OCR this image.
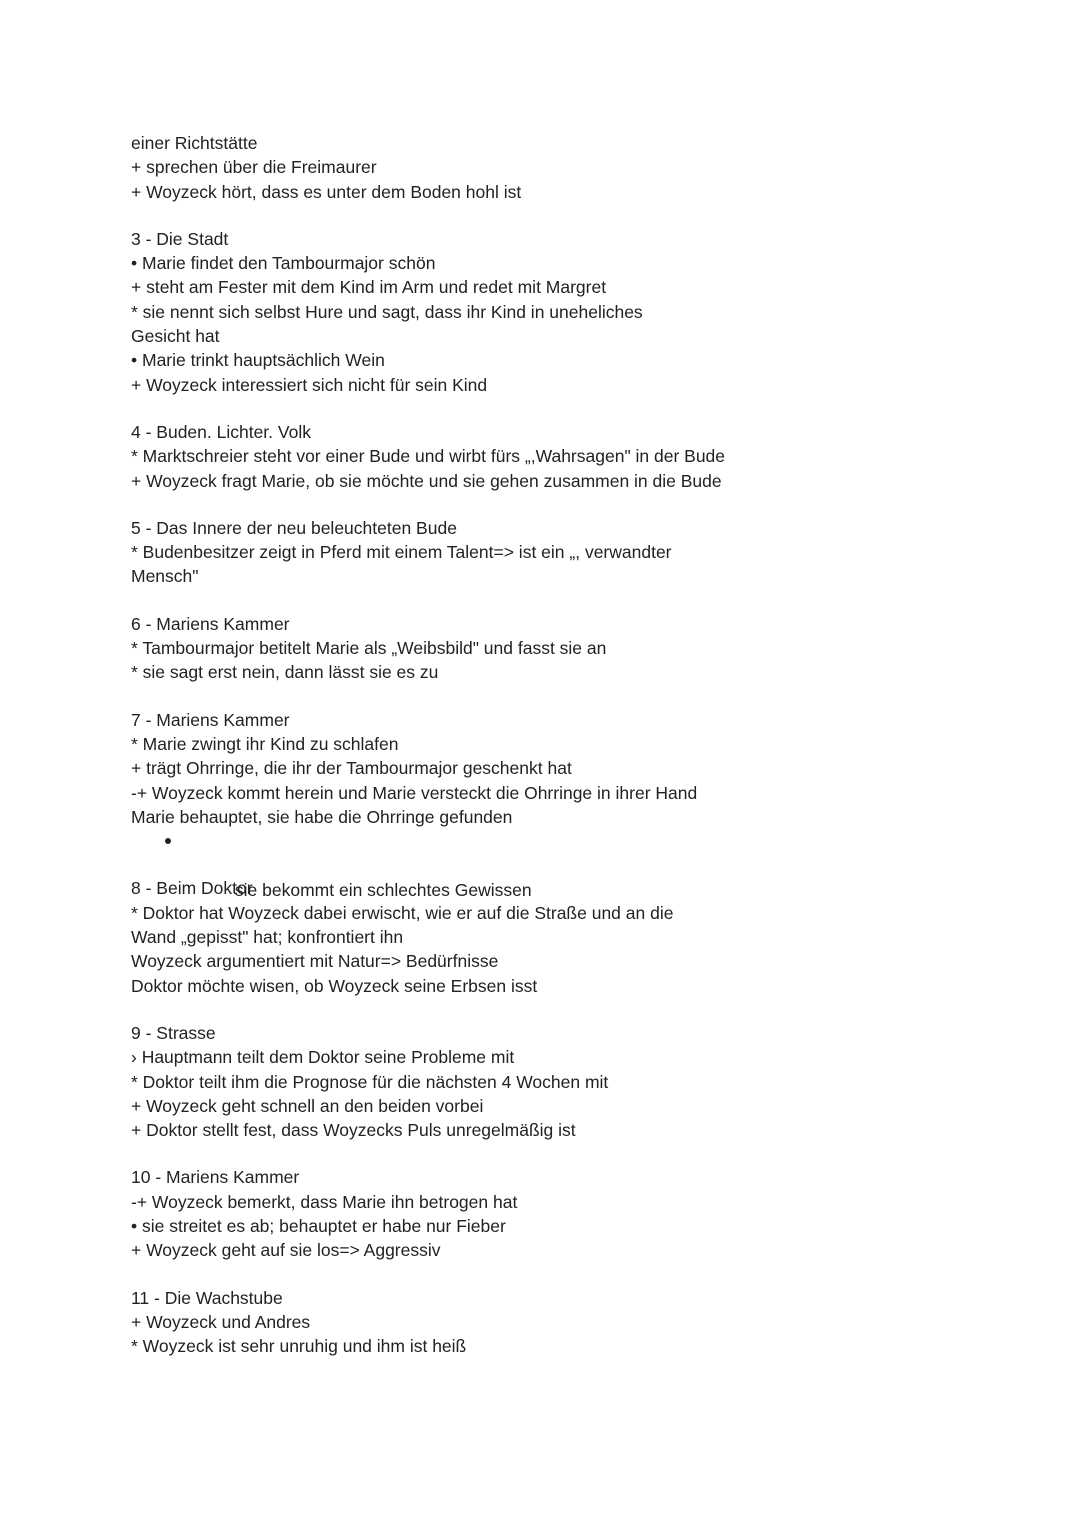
einer Richtstätte
+ sprechen über die Freimaurer
+ Woyzeck hört, dass es unter dem Boden hohl ist
3 - Die Stadt
• Marie findet den Tambourmajor schön
+ steht am Fester mit dem Kind im Arm und redet mit Margret
* sie nennt sich selbst Hure und sagt, dass ihr Kind in uneheliches
Gesicht hat
• Marie trinkt hauptsächlich Wein
+ Woyzeck interessiert sich nicht für sein Kind
4 - Buden. Lichter. Volk
* Marktschreier steht vor einer Bude und wirbt fürs „,Wahrsagen" in der Bude
+ Woyzeck fragt Marie, ob sie möchte und sie gehen zusammen in die Bude
5 - Das Innere der neu beleuchteten Bude
* Budenbesitzer zeigt in Pferd mit einem Talent=> ist ein „, verwandter
Mensch"
6 - Mariens Kammer
* Tambourmajor betitelt Marie als „Weibsbild" und fasst sie an
* sie sagt erst nein, dann lässt sie es zu
7 - Mariens Kammer
* Marie zwingt ihr Kind zu schlafen
+ trägt Ohrringe, die ihr der Tambourmajor geschenkt hat
-+ Woyzeck kommt herein und Marie versteckt die Ohrringe in ihrer Hand
Marie behauptet, sie habe die Ohrringe gefunden

sie bekommt ein schlechtes Gewissen

8 - Beim Doktor
* Doktor hat Woyzeck dabei erwischt, wie er auf die Straße und an die
Wand „gepisst" hat; konfrontiert ihn
Woyzeck argumentiert mit Natur=> Bedürfnisse
Doktor möchte wisen, ob Woyzeck seine Erbsen isst
9 - Strasse
› Hauptmann teilt dem Doktor seine Probleme mit
* Doktor teilt ihm die Prognose für die nächsten 4 Wochen mit
+ Woyzeck geht schnell an den beiden vorbei
+ Doktor stellt fest, dass Woyzecks Puls unregelmäßig ist
10 - Mariens Kammer
-+ Woyzeck bemerkt, dass Marie ihn betrogen hat
• sie streitet es ab; behauptet er habe nur Fieber
+ Woyzeck geht auf sie los=> Aggressiv
11 - Die Wachstube
+ Woyzeck und Andres
* Woyzeck ist sehr unruhig und ihm ist heiß
